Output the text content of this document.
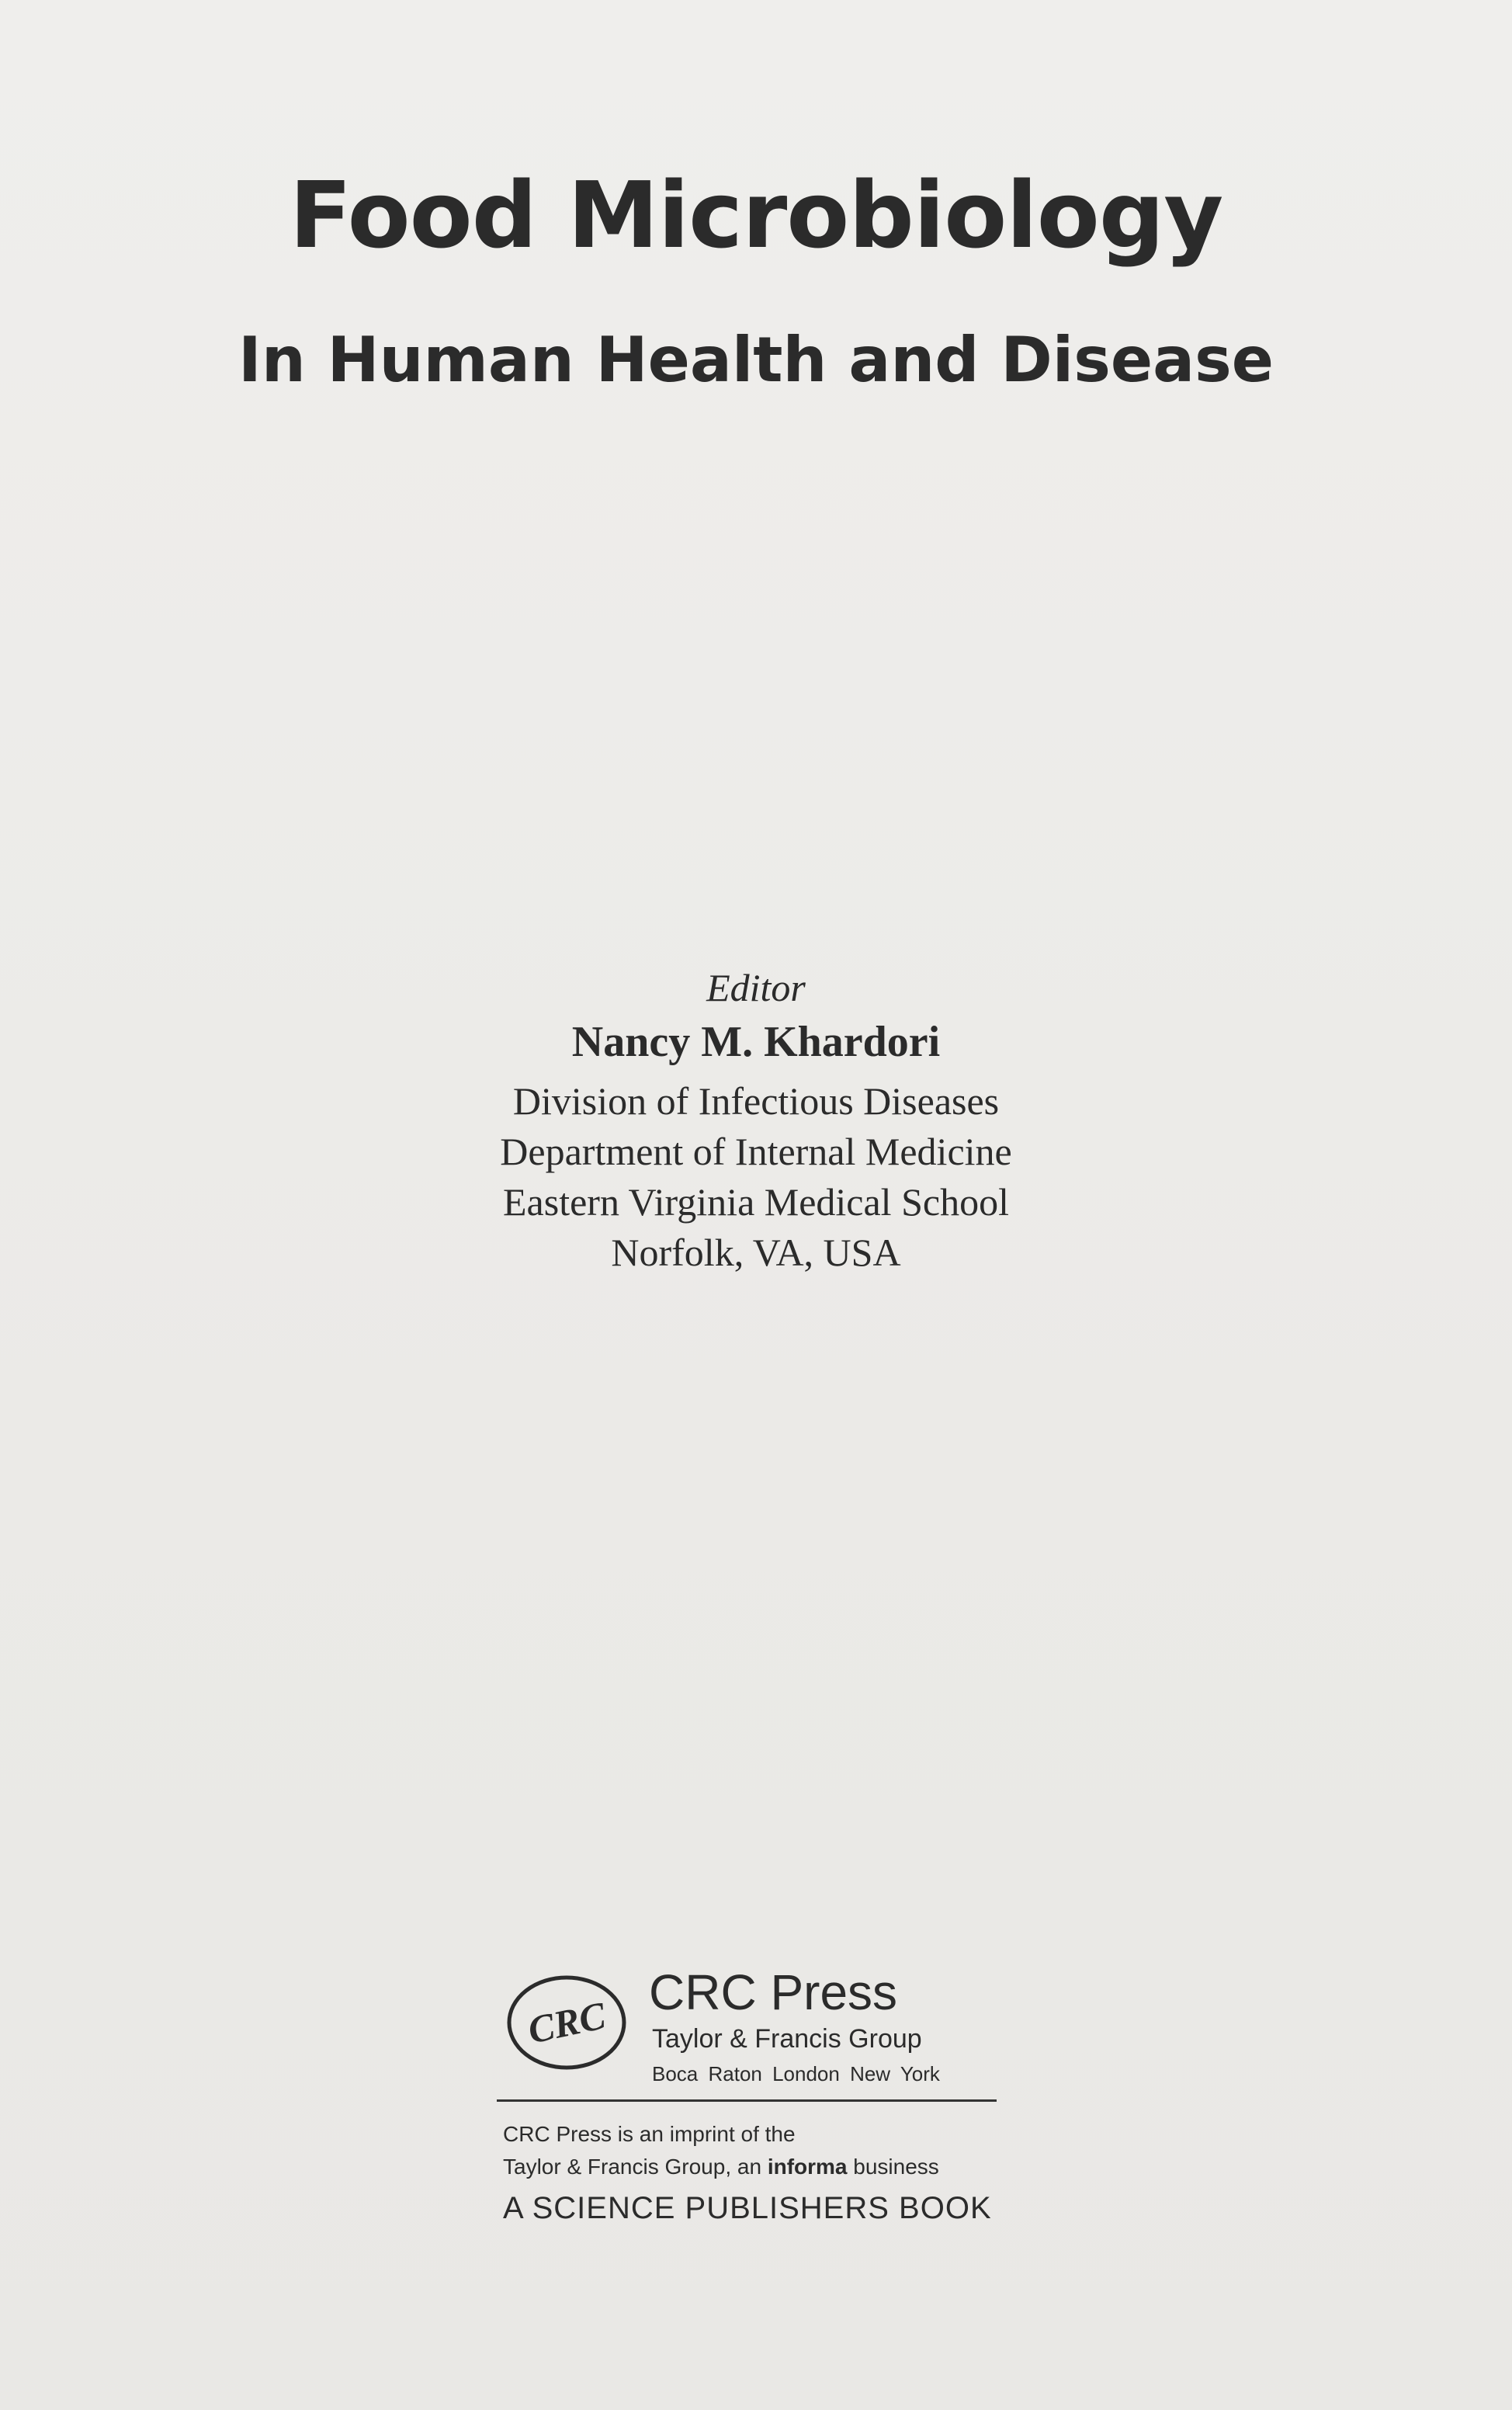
Food Microbiology
In Human Health and Disease
Editor
Nancy M. Khardori
Division of Infectious Diseases
Department of Internal Medicine
Eastern Virginia Medical School
Norfolk, VA, USA
CRC
CRC Press
Taylor & Francis Group
Boca Raton London New York
CRC Press is an imprint of the
Taylor & Francis Group, an informa business
A SCIENCE PUBLISHERS BOOK
